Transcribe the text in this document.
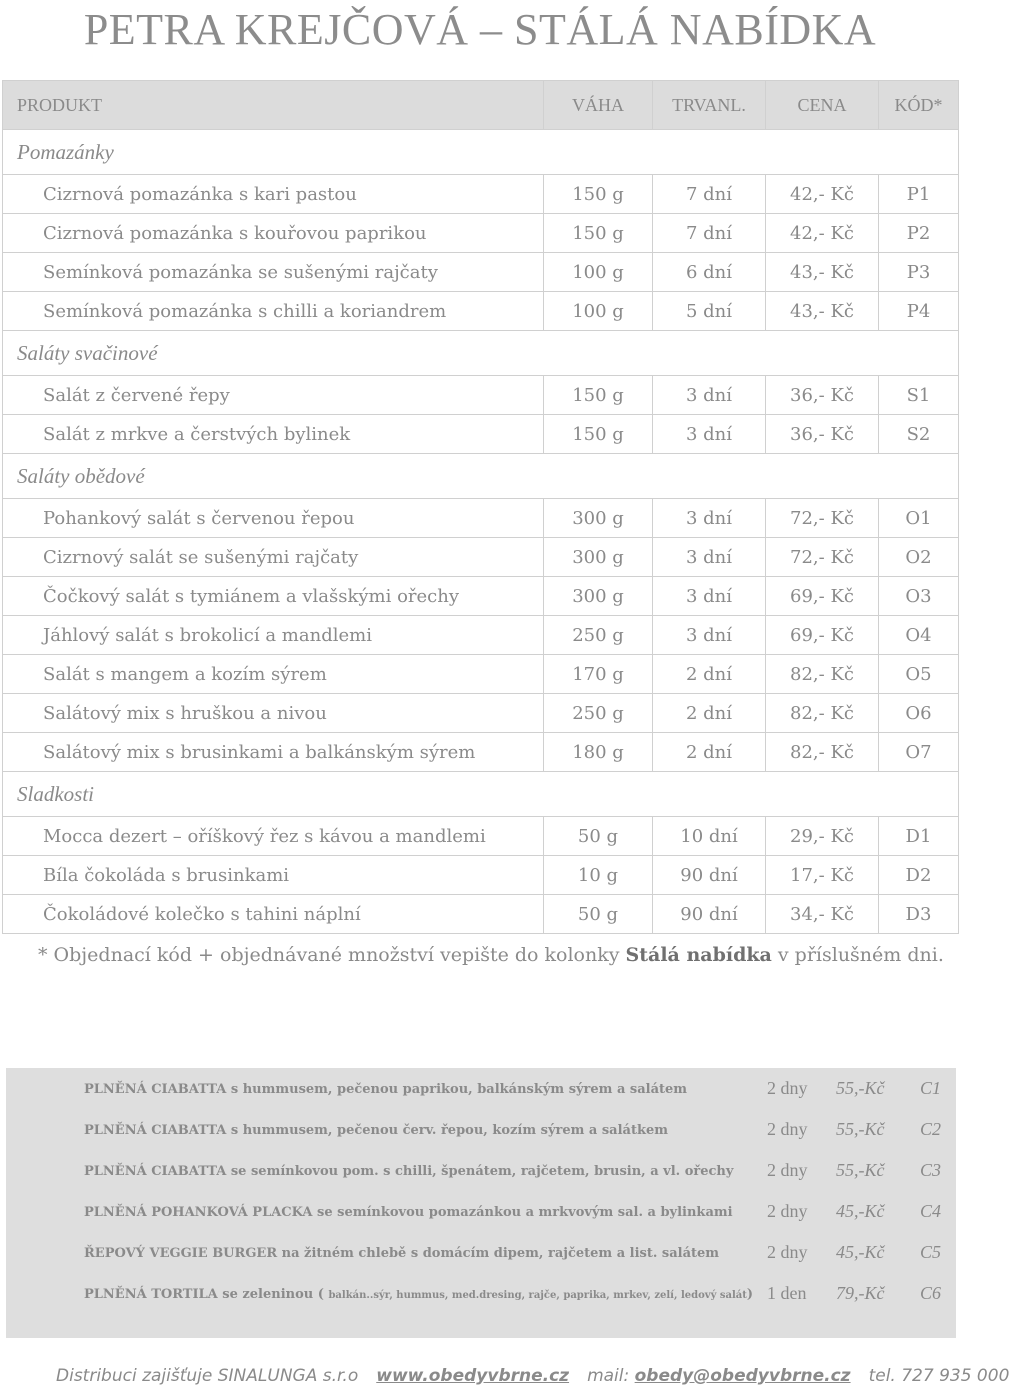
PETRA KREJČOVÁ – STÁLÁ NABÍDKA
PRODUKT	VÁHA	TRVANL.	CENA	KÓD*
Pomazánky				
Cizrnová pomazánka s kari pastou	150 g	7 dní	42,- Kč	P1
Cizrnová pomazánka s kouřovou paprikou	150 g	7 dní	42,- Kč	P2
Semínková pomazánka se sušenými rajčaty	100 g	6 dní	43,- Kč	P3
Semínková pomazánka s chilli a koriandrem	100 g	5 dní	43,- Kč	P4
Saláty svačinové				
Salát z červené řepy	150 g	3 dní	36,- Kč	S1
Salát z mrkve a čerstvých bylinek	150 g	3 dní	36,- Kč	S2
Saláty obědové				
Pohankový salát s červenou řepou	300 g	3 dní	72,- Kč	O1
Cizrnový salát se sušenými rajčaty	300 g	3 dní	72,- Kč	O2
Čočkový salát s tymiánem a vlašskými ořechy	300 g	3 dní	69,- Kč	O3
Jáhlový salát s brokolicí a mandlemi	250 g	3 dní	69,- Kč	O4
Salát s mangem a kozím sýrem	170 g	2 dní	82,- Kč	O5
Salátový mix s hruškou a nivou	250 g	2 dní	82,- Kč	O6
Salátový mix s brusinkami a balkánským sýrem	180 g	2 dní	82,- Kč	O7
Sladkosti				
Mocca dezert – oříškový řez s kávou a mandlemi	50 g	10 dní	29,- Kč	D1
Bíla čokoláda s brusinkami	10 g	90 dní	17,- Kč	D2
Čokoládové kolečko s tahini náplní	50 g	90 dní	34,- Kč	D3
* Objednací kód + objednávané množství vepište do kolonky Stálá nabídka v příslušném dni.
PLNĚNÁ CIABATTA s hummusem, pečenou paprikou, balkánským sýrem a salátem	2 dny 55,-Kč C1
PLNĚNÁ CIABATTA s hummusem, pečenou červ. řepou, kozím sýrem a salátkem	2 dny 55,-Kč C2
PLNĚNÁ CIABATTA se semínkovou pom. s chilli, špenátem, rajčetem, brusin, a vl. ořechy 2 dny 55,-Kč C3
PLNĚNÁ POHANKOVÁ PLACKA se semínkovou pomazánkou a mrkvovým sal. a bylinkami 2 dny 45,-Kč C4
ŘEPOVÝ VEGGIE BURGER na žitném chlebě s domácím dipem, rajčetem a list. salátem	2 dny 45,-Kč C5
PLNĚNÁ TORTILA se zeleninou ( balkán..sýr, hummus, med.dresing, rajče, paprika, mrkev, zelí, ledový salát) 1 den 79,-Kč C6
Distribuci zajišťuje SINALUNGA s.r.o www.obedyvbrne.cz mail: obedy@obedyvbrne.cz tel. 727 935 000
